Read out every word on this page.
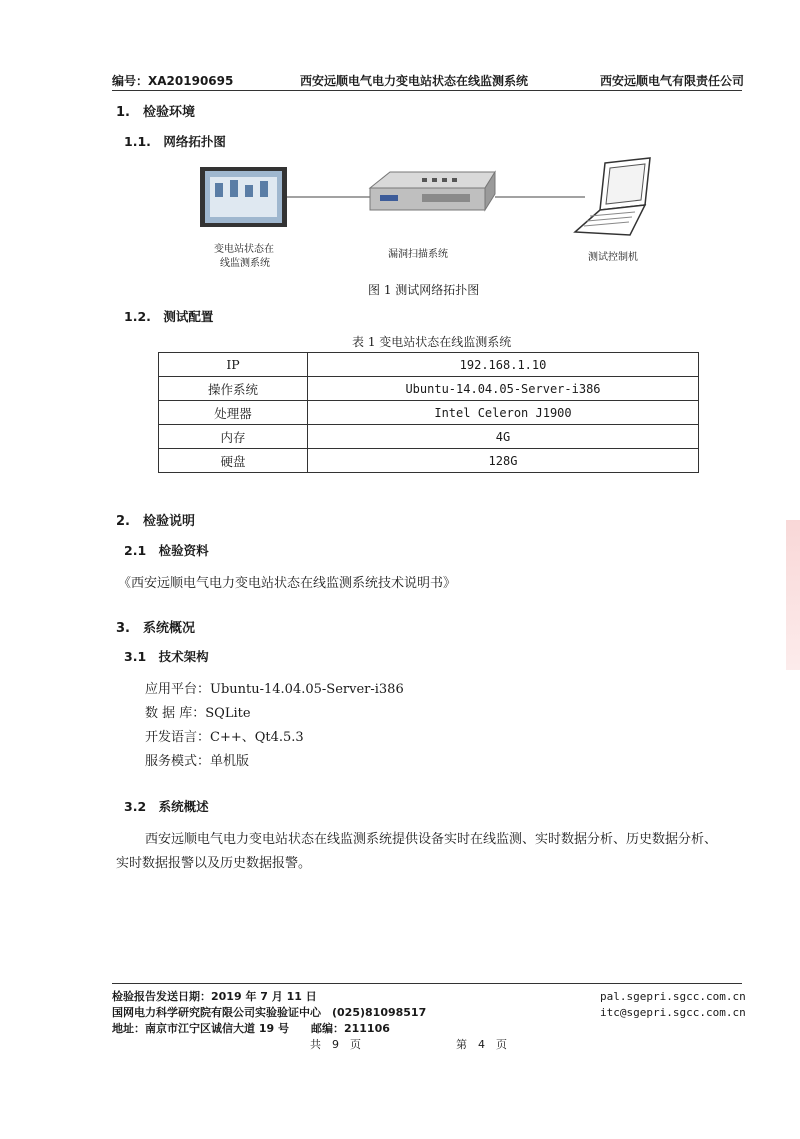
编号：XA20190695	西安远顺电气电力变电站状态在线监测系统	西安远顺电气有限责任公司
1.　检验环境
1.1.　网络拓扑图
变电站状态在
线监测系统
漏洞扫描系统	测试控制机
图 1 测试网络拓扑图
1.2.　测试配置
表 1 变电站状态在线监测系统
IP	192.168.1.10
操作系统	Ubuntu-14.04.05-Server-i386
处理器	Intel Celeron J1900
内存	4G
硬盘	128G
2.　检验说明
2.1　检验资料
《西安远顺电气电力变电站状态在线监测系统技术说明书》
3.　系统概况
3.1　技术架构
应用平台：Ubuntu-14.04.05-Server-i386
数 据 库：SQLite
开发语言：C++、Qt4.5.3
服务模式：单机版
3.2　系统概述
西安远顺电气电力变电站状态在线监测系统提供设备实时在线监测、实时数据分析、历史数据分析、
实时数据报警以及历史数据报警。
检验报告发送日期：2019 年 7 月 11 日	pal.sgepri.sgcc.com.cn
国网电力科学研究院有限公司实验验证中心　(025)81098517	itc@sgepri.sgcc.com.cn
地址：南京市江宁区诚信大道 19 号　　邮编：211106
共　9　页	第　4　页
